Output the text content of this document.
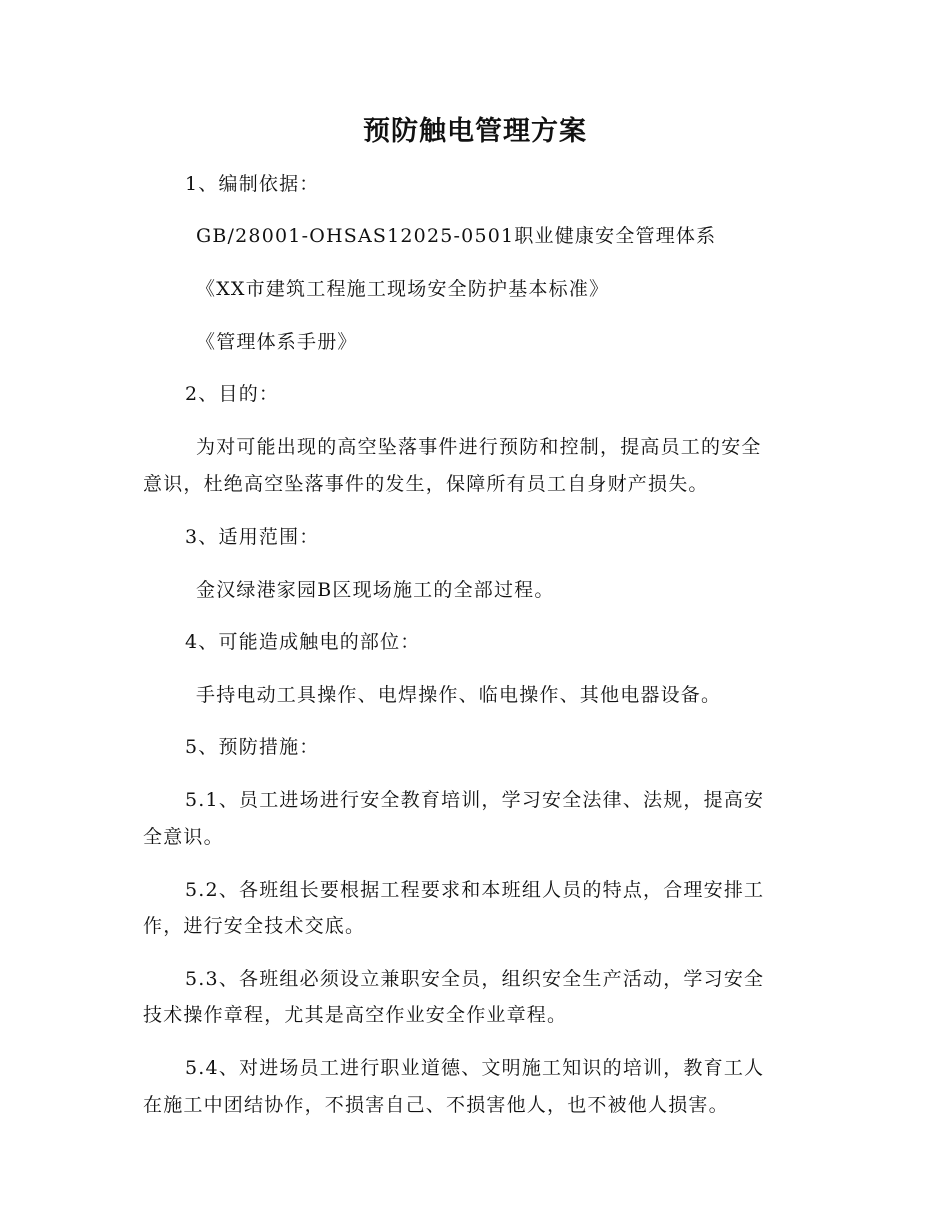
预防触电管理方案
1、编制依据：
GB/28001-OHSAS12025-0501职业健康安全管理体系
《XX市建筑工程施工现场安全防护基本标准》
《管理体系手册》
2、目的：
为对可能出现的高空坠落事件进行预防和控制，提高员工的安全
意识，杜绝高空坠落事件的发生，保障所有员工自身财产损失。
3、适用范围：
金汉绿港家园B区现场施工的全部过程。
4、可能造成触电的部位：
手持电动工具操作、电焊操作、临电操作、其他电器设备。
5、预防措施：
5.1、员工进场进行安全教育培训，学习安全法律、法规，提高安
全意识。
5.2、各班组长要根据工程要求和本班组人员的特点，合理安排工
作，进行安全技术交底。
5.3、各班组必须设立兼职安全员，组织安全生产活动，学习安全
技术操作章程，尤其是高空作业安全作业章程。
5.4、对进场员工进行职业道德、文明施工知识的培训，教育工人
在施工中团结协作，不损害自己、不损害他人，也不被他人损害。
